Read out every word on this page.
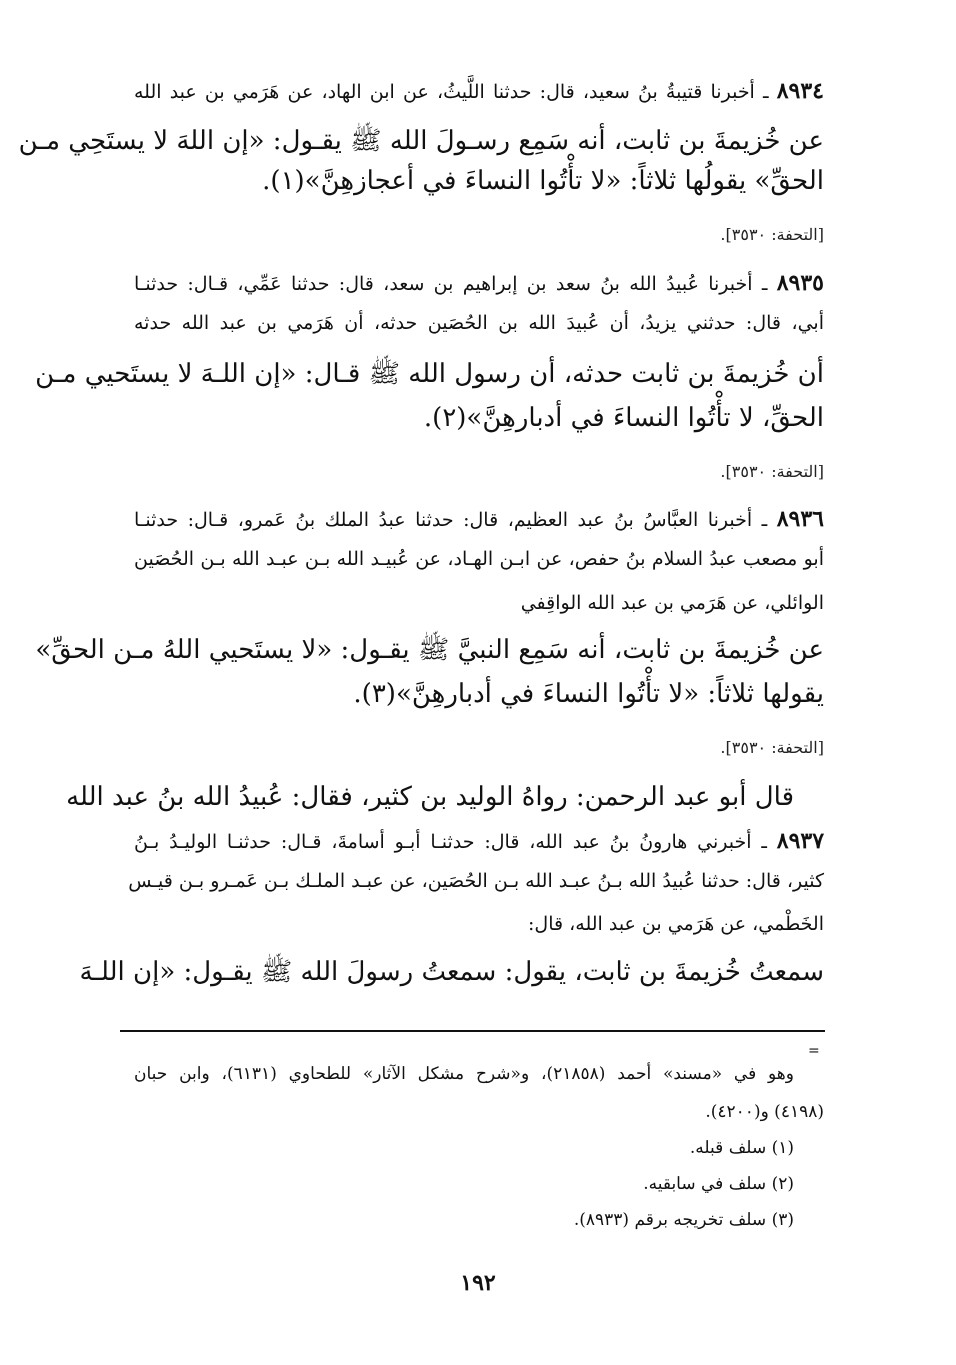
٨٩٣٤ ـ أخبرنا قتيبةُ بنُ سعيد، قال: حدثنا اللَّيثُ، عن ابن الهاد، عن هَرَمي بن عبد الله
عن خُزيمةَ بن ثابت، أنه سَمِع رسـولَ الله ﷺ يقـول: «إن اللهَ لا يستَحِي مـن
الحقِّ» يقولُها ثلاثاً: «لا تأْتُوا النساءَ في أعجازهِنَّ»(١).
[التحفة: ٣٥٣٠].
٨٩٣٥ ـ أخبرنا عُبيدُ الله بنُ سعد بن إبراهيم بن سعد، قال: حدثنا عَمِّي، قـال: حدثنـا
أبي، قال: حدثني يزيدُ، أن عُبيدَ الله بن الحُصَين حدثه، أن هَرَمي بن عبد الله حدثه
أن خُزيمةَ بن ثابت حدثه، أن رسول الله ﷺ قـال: «إن اللـهَ لا يستَحيي مـن
الحقِّ، لا تأْتُوا النساءَ في أدبارهِنَّ»(٢).
[التحفة: ٣٥٣٠].
٨٩٣٦ ـ أخبرنا العبَّاسُ بنُ عبد العظيم، قال: حدثنا عبدُ الملك بنُ عَمرو، قـال: حدثنـا
أبو مصعب عبدُ السلام بنُ حفص، عن ابـن الهـاد، عن عُبيـد الله بـن عبـد الله بـن الحُصَين
الوائلي، عن هَرَمي بن عبد الله الواقِفي
عن خُزيمةَ بن ثابت، أنه سَمِع النبيَّ ﷺ يقـول: «لا يستَحيي اللهُ مـن الحقِّ»
يقولها ثلاثاً: «لا تأْتُوا النساءَ في أدبارهِنَّ»(٣).
[التحفة: ٣٥٣٠].
قال أبو عبد الرحمن: رواهُ الوليد بن كثير، فقال: عُبيدُ الله بنُ عبد الله
٨٩٣٧ ـ أخبرني هارونُ بنُ عبد الله، قال: حدثنـا أبـو أسامةَ، قـال: حدثنـا الوليـدُ بـنُ
كثير، قال: حدثنا عُبيدُ الله بـنُ عبـد الله بـن الحُصَين، عن عبـد الملـك بـن عَمـرو بـن قيـس
الخَطْمي، عن هَرَمي بن عبد الله، قال:
سمعتُ خُزيمةَ بن ثابت، يقول: سمعتُ رسولَ الله ﷺ يقـول: «إن اللـهَ
=
وهو في «مسند» أحمد (٢١٨٥٨)، و«شرح مشكل الآثار» للطحاوي (٦١٣١)، وابن حبان
(٤١٩٨) و(٤٢٠٠).
(١) سلف قبله.
(٢) سلف في سابقيه.
(٣) سلف تخريجه برقم (٨٩٣٣).
١٩٢
